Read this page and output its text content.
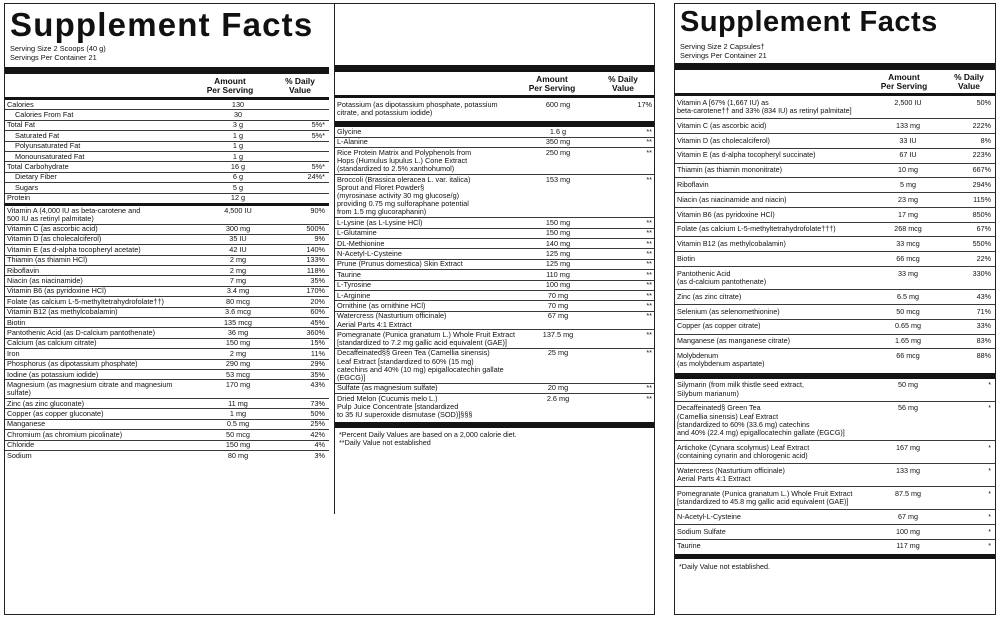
Supplement Facts
Serving Size 2 Scoops (40 g)
Servings Per Container 21
Amount
Per Serving
% Daily
Value
Calories	130
Calories From Fat	30
Total Fat	3 g	5%*
Saturated Fat	1 g	5%*
Polyunsaturated Fat	1 g
Monounsaturated Fat	1 g
Total Carbohydrate	16 g	5%*
Dietary Fiber	6 g	24%*
Sugars	5 g
Protein	12 g
Vitamin A (4,000 IU as beta-carotene and
500 IU as retinyl palmitate)
4,500 IU	90%
Vitamin C (as ascorbic acid)	300 mg	500%
Vitamin D (as cholecalciferol)	35 IU	9%
Vitamin E (as d-alpha tocopheryl acetate)	42 IU	140%
Thiamin (as thiamin HCl)	2 mg	133%
Riboflavin	2 mg	118%
Niacin (as niacinamide)	7 mg	35%
Vitamin B6 (as pyridoxine HCl)	3.4 mg	170%
Folate (as calcium L-5-methyltetrahydrofolate††)	80 mcg	20%
Vitamin B12 (as methylcobalamin)	3.6 mcg	60%
Biotin	135 mcg	45%
Pantothenic Acid (as D-calcium pantothenate)	36 mg	360%
Calcium (as calcium citrate)	150 mg	15%
Iron	2 mg	11%
Phosphorus (as dipotassium phosphate)	290 mg	29%
Iodine (as potassium iodide)	53 mcg	35%
Magnesium (as magnesium citrate and magnesium sulfate)
170 mg	43%
Zinc (as zinc gluconate)	11 mg	73%
Copper (as copper gluconate)	1 mg	50%
Manganese	0.5 mg	25%
Chromium (as chromium picolinate)	50 mcg	42%
Chloride	150 mg	4%
Sodium	80 mg	3%
Amount
Per Serving
% Daily
Value
Potassium (as dipotassium phosphate, potassium
citrate, and potassium iodide)
600 mg	17%
Glycine	1.6 g	**
L-Alanine	350 mg	**
Rice Protein Matrix and Polyphenols from
Hops (Humulus lupulus L.) Cone Extract
(standardized to 2.5% xanthohumol)
250 mg	**
Broccoli (Brassica oleracea L. var. italica)
Sprout and Floret Powder§
(myrosinase activity 30 mg glucose/g)
providing 0.75 mg sulforaphane potential
from 1.5 mg glucoraphanin)
153 mg	**
L-Lysine (as L-Lysine HCl)	150 mg	**
L-Glutamine	150 mg	**
DL-Methionine	140 mg	**
N-Acetyl-L-Cysteine	125 mg	**
Prune (Prunus domestica) Skin Extract	125 mg	**
Taurine	110 mg	**
L-Tyrosine	100 mg	**
L-Arginine	70 mg	**
Ornithine (as ornithine HCl)	70 mg	**
Watercress (Nasturtium officinale)
Aerial Parts 4:1 Extract
67 mg	**
Pomegranate (Punica granatum L.) Whole Fruit Extract
[standardized to 7.2 mg gallic acid equivalent (GAE)]
137.5 mg	**
Decaffeinated§§ Green Tea (Camellia sinensis)
Leaf Extract [standardized to 60% (15 mg)
catechins and 40% (10 mg) epigallocatechin gallate (EGCG)]
25 mg	**
Sulfate (as magnesium sulfate)	20 mg	**
Dried Melon (Cucumis melo L.)
Pulp Juice Concentrate [standardized
to 35 IU superoxide dismutase (SOD)]§§§
2.6 mg	**
*Percent Daily Values are based on a 2,000 calorie diet.
**Daily Value not established
Supplement Facts
Serving Size 2 Capsules†
Servings Per Container 21
Amount
Per Serving
% Daily
Value
Vitamin A [67% (1,667 IU) as
beta-carotene†† and 33% (834 IU) as retinyl palmitate]
2,500 IU	50%
Vitamin C (as ascorbic acid)	133 mg	222%
Vitamin D (as cholecalciferol)	33 IU	8%
Vitamin E (as d-alpha tocopheryl succinate)	67 IU	223%
Thiamin (as thiamin mononitrate)	10 mg	667%
Riboflavin	5 mg	294%
Niacin (as niacinamide and niacin)	23 mg	115%
Vitamin B6 (as pyridoxine HCl)	17 mg	850%
Folate (as calcium L-5-methyltetrahydrofolate†††)	268 mcg	67%
Vitamin B12 (as methylcobalamin)	33 mcg	550%
Biotin	66 mcg	22%
Pantothenic Acid
(as d-calcium pantothenate)
33 mg	330%
Zinc (as zinc citrate)	6.5 mg	43%
Selenium (as selenomethionine)	50 mcg	71%
Copper (as copper citrate)	0.65 mg	33%
Manganese (as manganese citrate)	1.65 mg	83%
Molybdenum
(as molybdenum aspartate)
66 mcg	88%
Silymarin (from milk thistle seed extract,
Silybum marianum)
50 mg	*
Decaffeinated§ Green Tea
(Camellia sinensis) Leaf Extract
[standardized to 60% (33.6 mg) catechins
and 40% (22.4 mg) epigallocatechin gallate (EGCG)]
56 mg	*
Artichoke (Cynara scolymus) Leaf Extract
(containing cynarin and chlorogenic acid)
167 mg	*
Watercress (Nasturtium officinale)
Aerial Parts 4:1 Extract
133 mg	*
Pomegranate (Punica granatum L.) Whole Fruit Extract
[standardized to 45.8 mg gallic acid equivalent (GAE)]
87.5 mg	*
N-Acetyl-L-Cysteine	67 mg	*
Sodium Sulfate	100 mg	*
Taurine	117 mg	*
*Daily Value not established.
